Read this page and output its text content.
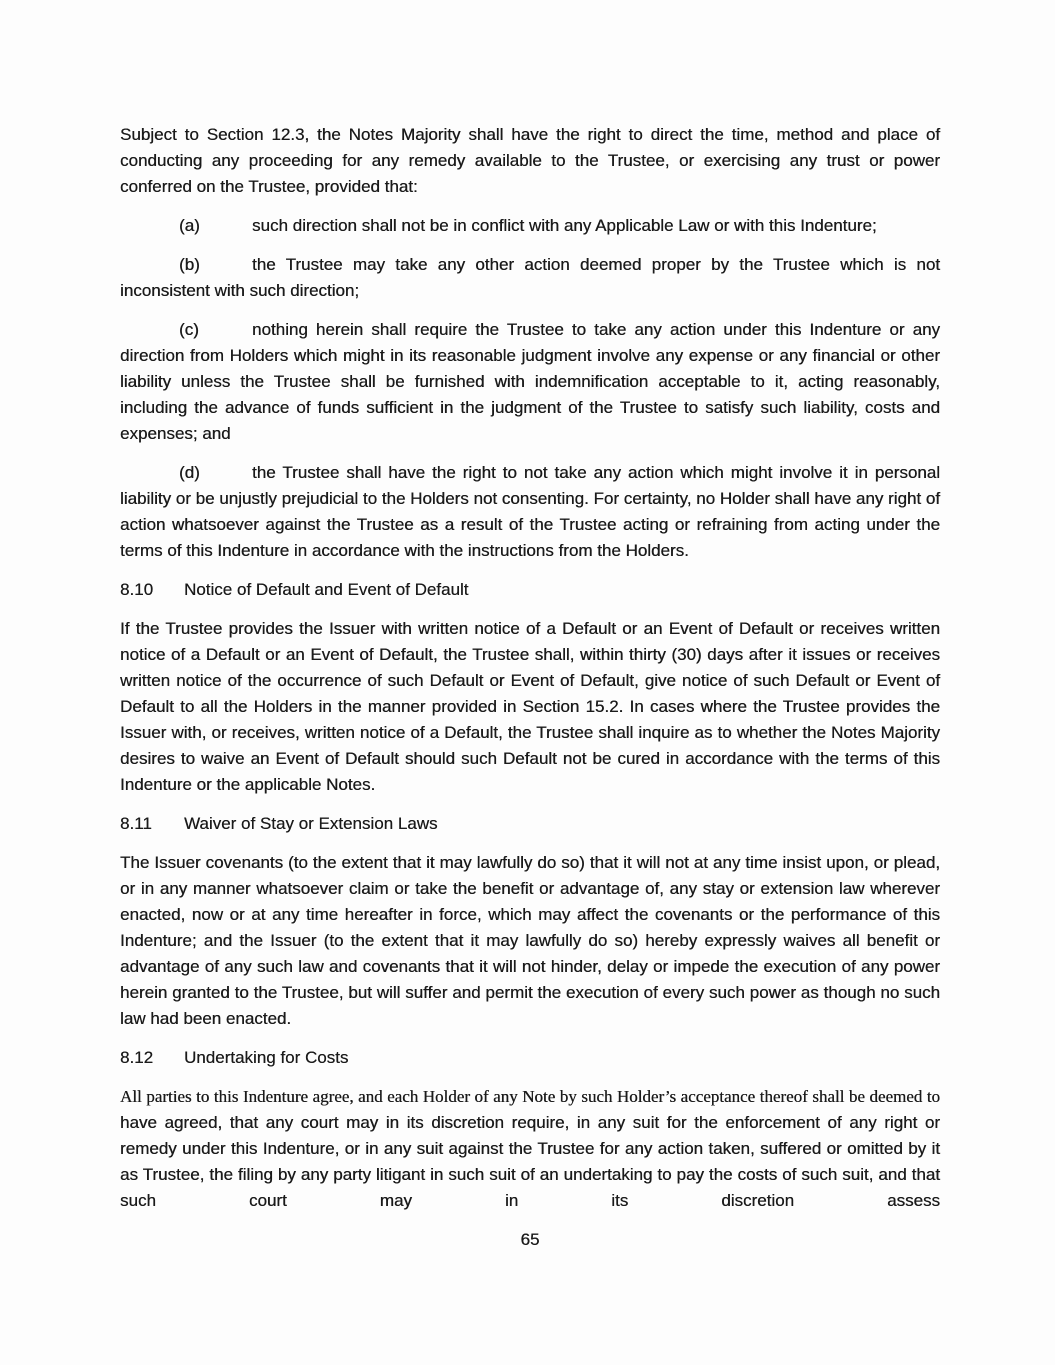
Subject to Section 12.3, the Notes Majority shall have the right to direct the time, method and place of conducting any proceeding for any remedy available to the Trustee, or exercising any trust or power conferred on the Trustee, provided that:

(a)	such direction shall not be in conflict with any Applicable Law or with this Indenture;

(b)	the Trustee may take any other action deemed proper by the Trustee which is not inconsistent with such direction;

(c)	nothing herein shall require the Trustee to take any action under this Indenture or any direction from Holders which might in its reasonable judgment involve any expense or any financial or other liability unless the Trustee shall be furnished with indemnification acceptable to it, acting reasonably, including the advance of funds sufficient in the judgment of the Trustee to satisfy such liability, costs and expenses; and

(d)	the Trustee shall have the right to not take any action which might involve it in personal liability or be unjustly prejudicial to the Holders not consenting. For certainty, no Holder shall have any right of action whatsoever against the Trustee as a result of the Trustee acting or refraining from acting under the terms of this Indenture in accordance with the instructions from the Holders.

8.10 Notice of Default and Event of Default

If the Trustee provides the Issuer with written notice of a Default or an Event of Default or receives written notice of a Default or an Event of Default, the Trustee shall, within thirty (30) days after it issues or receives written notice of the occurrence of such Default or Event of Default, give notice of such Default or Event of Default to all the Holders in the manner provided in Section 15.2. In cases where the Trustee provides the Issuer with, or receives, written notice of a Default, the Trustee shall inquire as to whether the Notes Majority desires to waive an Event of Default should such Default not be cured in accordance with the terms of this Indenture or the applicable Notes.

8.11 Waiver of Stay or Extension Laws

The Issuer covenants (to the extent that it may lawfully do so) that it will not at any time insist upon, or plead, or in any manner whatsoever claim or take the benefit or advantage of, any stay or extension law wherever enacted, now or at any time hereafter in force, which may affect the covenants or the performance of this Indenture; and the Issuer (to the extent that it may lawfully do so) hereby expressly waives all benefit or advantage of any such law and covenants that it will not hinder, delay or impede the execution of any power herein granted to the Trustee, but will suffer and permit the execution of every such power as though no such law had been enacted.

8.12 Undertaking for Costs

All parties to this Indenture agree, and each Holder of any Note by such Holder’s acceptance thereof shall be deemed to have agreed, that any court may in its discretion require, in any suit for the enforcement of any right or remedy under this Indenture, or in any suit against the Trustee for any action taken, suffered or omitted by it as Trustee, the filing by any party litigant in such suit of an undertaking to pay the costs of such suit, and that such court may in its discretion assess

65
